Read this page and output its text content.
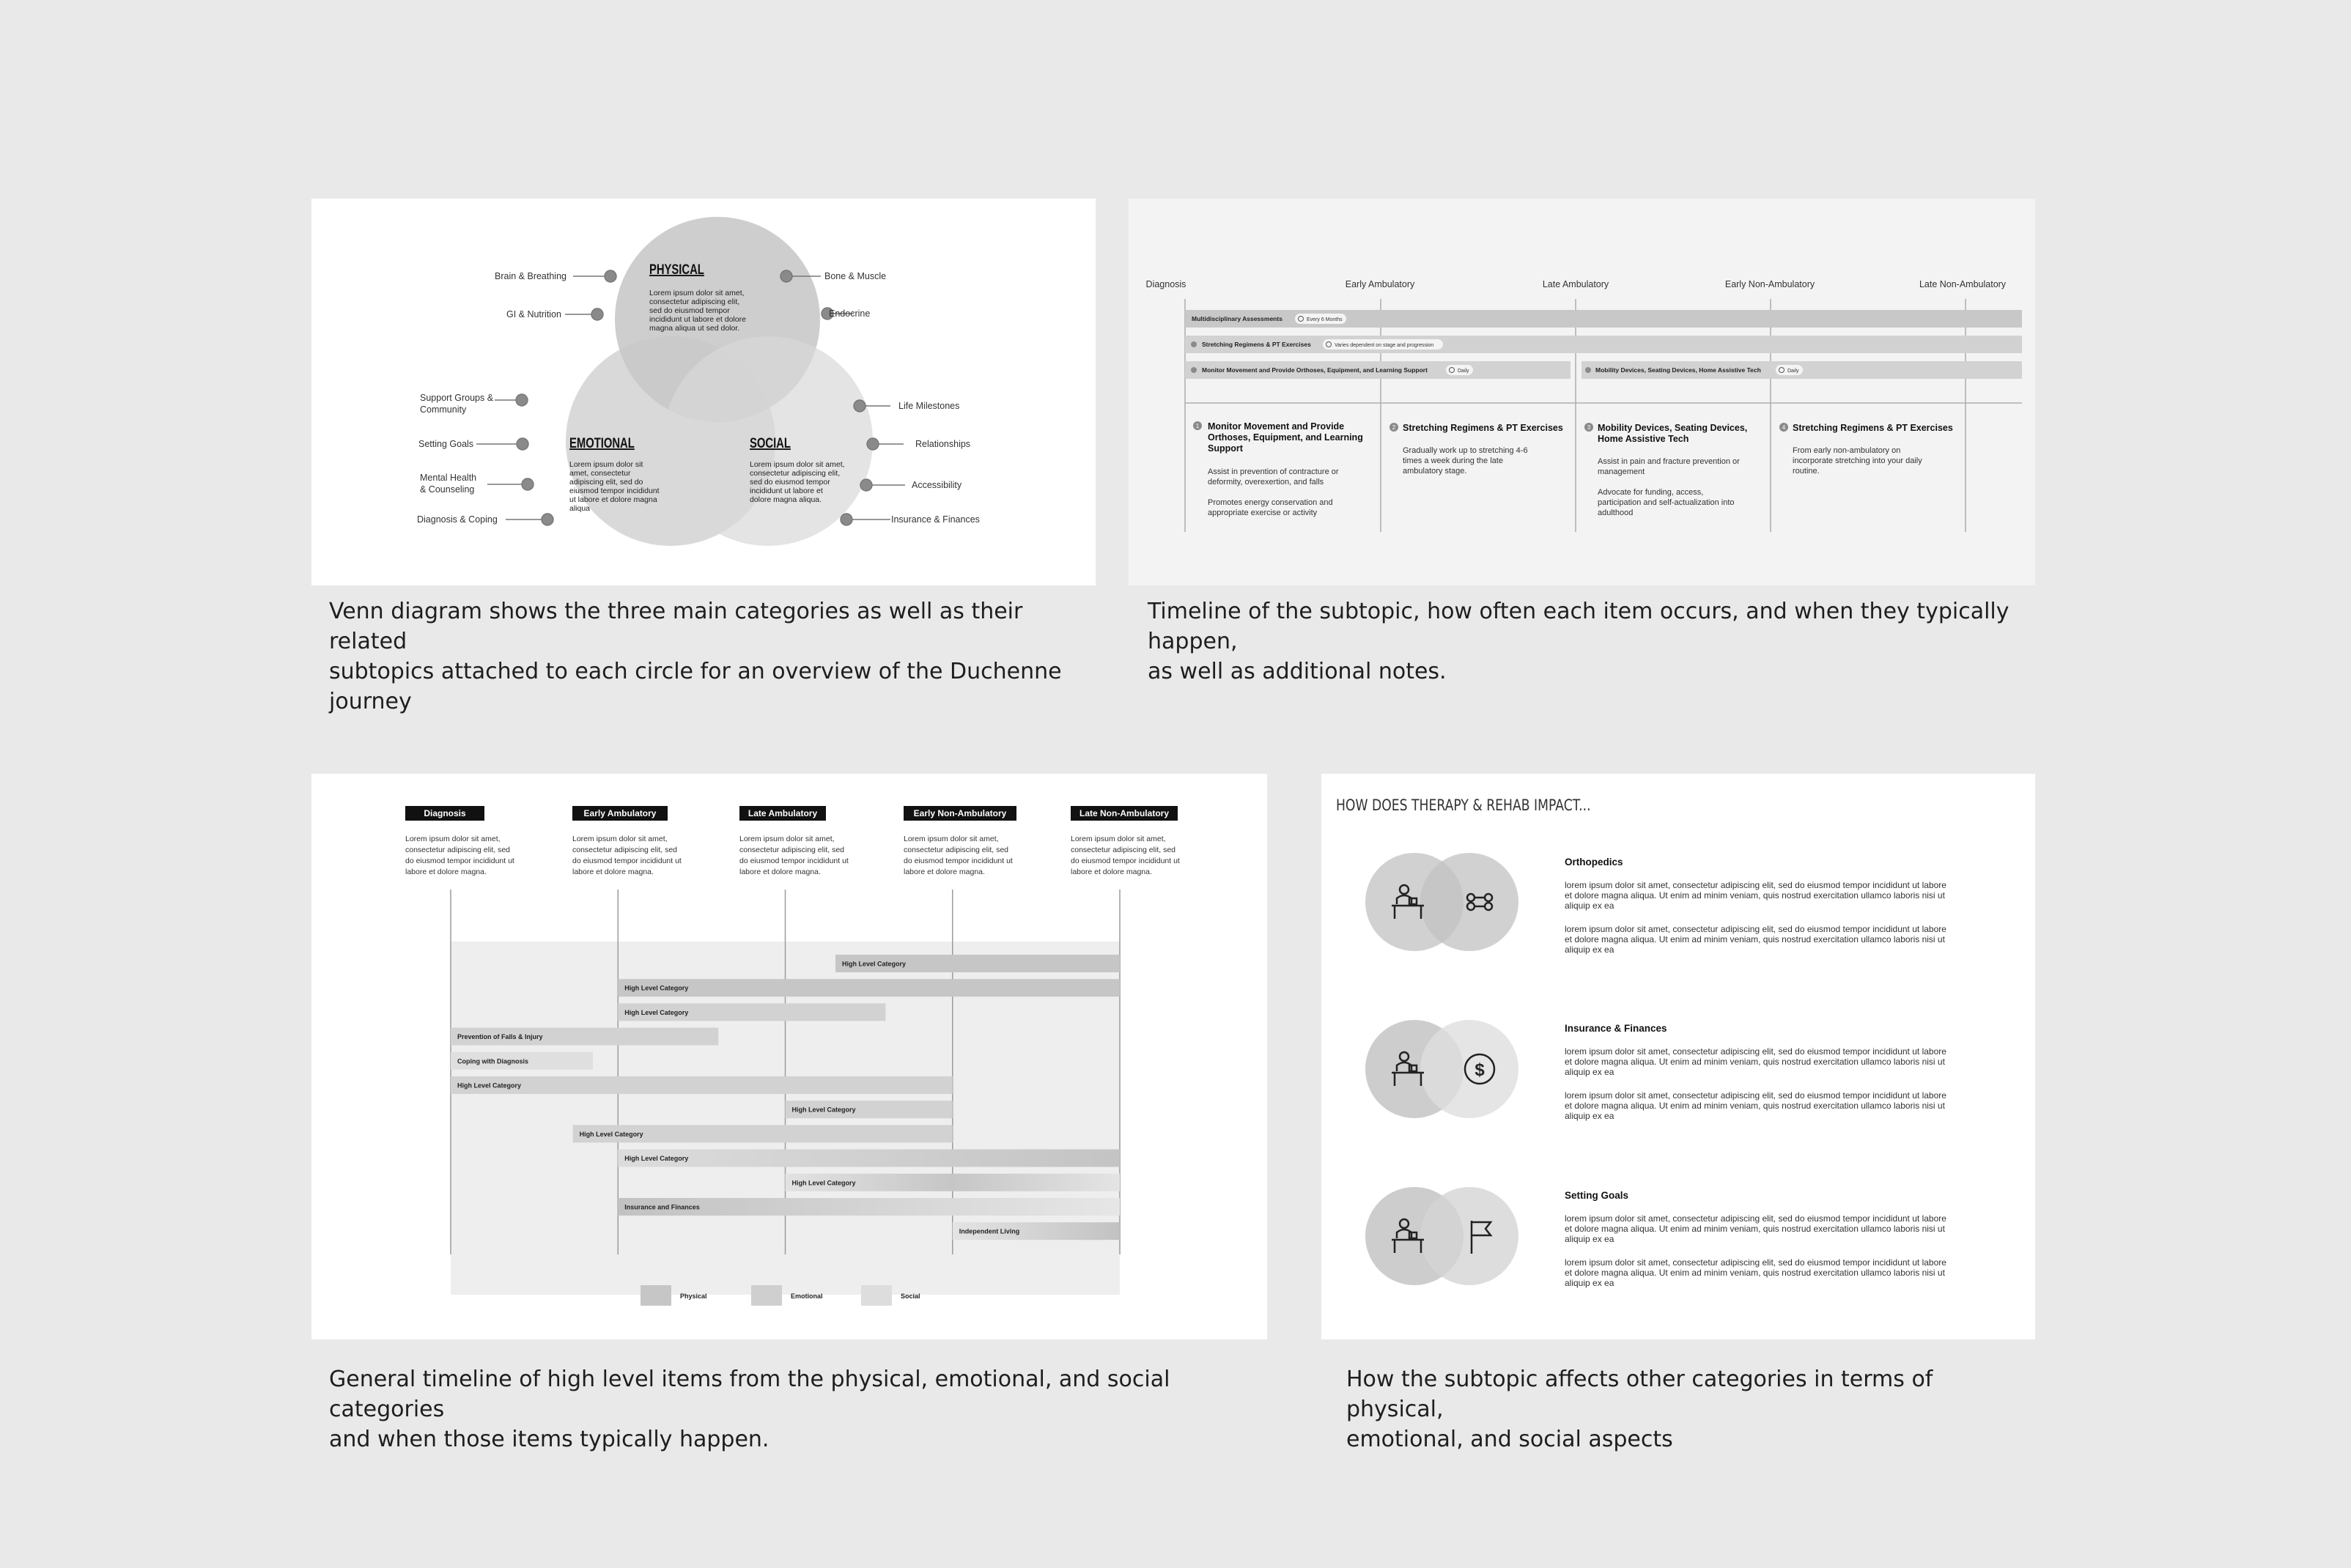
Brain & Breathing
GI & Nutrition
Support Groups &
Community
Setting Goals
Mental Health
& Counseling
Diagnosis & Coping
Bone & Muscle
Endocrine
Life Milestones
Relationships
Accessibility
Insurance & Finances
PHYSICAL
EMOTIONAL	SOCIAL
Lorem ipsum dolor sit amet,
consectetur adipiscing elit,
sed do eiusmod tempor
incididunt ut labore et dolore
magna aliqua ut sed dolor.
Lorem ipsum dolor sit
amet, consectetur
adipiscing elit, sed do
eiusmod tempor incididunt
ut labore et dolore magna
aliqua
Lorem ipsum dolor sit amet,
consectetur adipiscing elit,
sed do eiusmod tempor
incididunt ut labore et
dolore magna aliqua.
Venn diagram shows the three main categories as well as their related
subtopics attached to each circle for an overview of the Duchenne journey
Diagnosis	Early Ambulatory	Late Ambulatory	Early Non-Ambulatory	Late Non-Ambulatory
Multidisciplinary Assessments
Stretching Regimens & PT Exercises
Monitor Movement and Provide Orthoses, Equipment, and Learning Support	Mobility Devices, Seating Devices, Home Assistive Tech
Every 6 Months
Varies dependent on stage and progression
Daily	Daily
1	2	3	4
Monitor Movement and Provide
Orthoses, Equipment, and Learning
Support
Stretching Regimens & PT Exercises	Mobility Devices, Seating Devices,
Home Assistive Tech
Stretching Regimens & PT Exercises
Assist in prevention of contracture or
deformity, overexertion, and falls
Promotes energy conservation and
appropriate exercise or activity
Gradually work up to stretching 4-6
times a week during the late
ambulatory stage.
Assist in pain and fracture prevention or
management
Advocate for funding, access,
participation and self-actualization into
adulthood
From early non-ambulatory on
incorporate stretching into your daily
routine.
Timeline of the subtopic, how often each item occurs, and when they typically happen,
as well as additional notes.
High Level Category
High Level Category
High Level Category
Prevention of Falls & Injury
Coping with Diagnosis
High Level Category
High Level Category
High Level Category
High Level Category
High Level Category
Insurance and Finances
Independent Living
Diagnosis
Lorem ipsum dolor sit amet,
consectetur adipiscing elit, sed
do eiusmod tempor incididunt ut
labore et dolore magna.
Early Ambulatory
Lorem ipsum dolor sit amet,
consectetur adipiscing elit, sed
do eiusmod tempor incididunt ut
labore et dolore magna.
Late Ambulatory
Lorem ipsum dolor sit amet,
consectetur adipiscing elit, sed
do eiusmod tempor incididunt ut
labore et dolore magna.
Early Non-Ambulatory
Lorem ipsum dolor sit amet,
consectetur adipiscing elit, sed
do eiusmod tempor incididunt ut
labore et dolore magna.
Late Non-Ambulatory
Lorem ipsum dolor sit amet,
consectetur adipiscing elit, sed
do eiusmod tempor incididunt ut
labore et dolore magna.
Physical	Emotional	Social
General timeline of high level items from the physical, emotional, and social categories
and when those items typically happen.
HOW DOES THERAPY & REHAB IMPACT...
Orthopedics
lorem ipsum dolor sit amet, consectetur adipiscing elit, sed do eiusmod tempor incididunt ut labore
et dolore magna aliqua. Ut enim ad minim veniam, quis nostrud exercitation ullamco laboris nisi ut
aliquip ex ea
lorem ipsum dolor sit amet, consectetur adipiscing elit, sed do eiusmod tempor incididunt ut labore
et dolore magna aliqua. Ut enim ad minim veniam, quis nostrud exercitation ullamco laboris nisi ut
aliquip ex ea
$
Insurance & Finances
lorem ipsum dolor sit amet, consectetur adipiscing elit, sed do eiusmod tempor incididunt ut labore
et dolore magna aliqua. Ut enim ad minim veniam, quis nostrud exercitation ullamco laboris nisi ut
aliquip ex ea
lorem ipsum dolor sit amet, consectetur adipiscing elit, sed do eiusmod tempor incididunt ut labore
et dolore magna aliqua. Ut enim ad minim veniam, quis nostrud exercitation ullamco laboris nisi ut
aliquip ex ea
Setting Goals
lorem ipsum dolor sit amet, consectetur adipiscing elit, sed do eiusmod tempor incididunt ut labore
et dolore magna aliqua. Ut enim ad minim veniam, quis nostrud exercitation ullamco laboris nisi ut
aliquip ex ea
lorem ipsum dolor sit amet, consectetur adipiscing elit, sed do eiusmod tempor incididunt ut labore
et dolore magna aliqua. Ut enim ad minim veniam, quis nostrud exercitation ullamco laboris nisi ut
aliquip ex ea
How the subtopic affects other categories in terms of physical,
emotional, and social aspects
